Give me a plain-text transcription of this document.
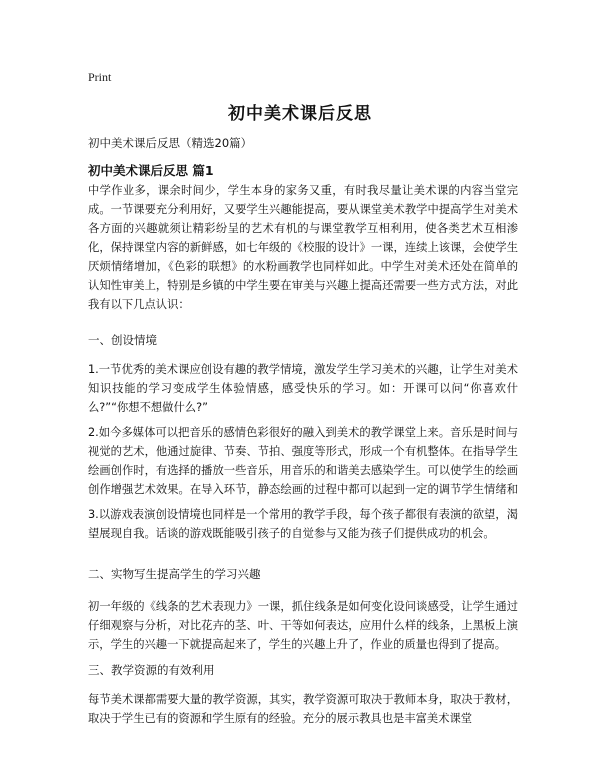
Print
初中美术课后反思
初中美术课后反思（精选20篇）
初中美术课后反思 篇1

中学作业多，课余时间少，学生本身的家务又重，有时我尽量让美术课的内容当堂完成。一节课要充分利用好，又要学生兴趣能提高，要从课堂美术教学中提高学生对美术各方面的兴趣就须让精彩纷呈的艺术有机的与课堂教学互相利用，使各类艺术互相渗化，保持课堂内容的新鲜感，如七年级的《校服的设计》一课，连续上该课，会使学生厌烦情绪增加，《色彩的联想》的水粉画教学也同样如此。中学生对美术还处在简单的认知性审美上，特别是乡镇的中学生要在审美与兴趣上提高还需要一些方式方法，对此我有以下几点认识：

一、创设情境

1.一节优秀的美术课应创设有趣的教学情境，激发学生学习美术的兴趣，让学生对美术知识技能的学习变成学生体验情感，感受快乐的学习。如：开课可以问“你喜欢什么?”“你想不想做什么?”

2.如今多媒体可以把音乐的感情色彩很好的融入到美术的教学课堂上来。音乐是时间与视觉的艺术，他通过旋律、节奏、节拍、强度等形式，形成一个有机整体。在指导学生绘画创作时，有选择的播放一些音乐，用音乐的和谐美去感染学生。可以使学生的绘画创作增强艺术效果。在导入环节，静态绘画的过程中都可以起到一定的调节学生情绪和

3.以游戏表演创设情境也同样是一个常用的教学手段，每个孩子都很有表演的欲望，渴望展现自我。话谈的游戏既能吸引孩子的自觉参与又能为孩子们提供成功的机会。

二、实物写生提高学生的学习兴趣

初一年级的《线条的艺术表现力》一课，抓住线条是如何变化设问谈感受，让学生通过仔细观察与分析，对比花卉的茎、叶、干等如何表达，应用什么样的线条，上黑板上演示，学生的兴趣一下就提高起来了，学生的兴趣上升了，作业的质量也得到了提高。

三、教学资源的有效利用

每节美术课都需要大量的教学资源，其实，教学资源可取决于教师本身，取决于教材，取决于学生已有的资源和学生原有的经验。充分的展示教具也是丰富美术课堂
